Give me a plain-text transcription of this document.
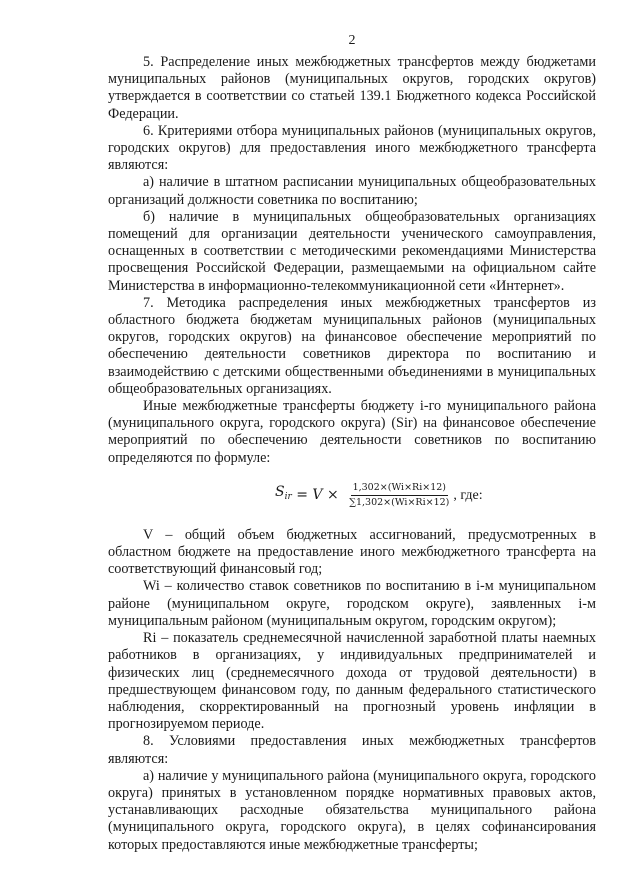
2

5. Распределение иных межбюджетных трансфертов между бюджетами муниципальных районов (муниципальных округов, городских округов) утверждается в соответствии со статьей 139.1 Бюджетного кодекса Российской Федерации.

6. Критериями отбора муниципальных районов (муниципальных округов, городских округов) для предоставления иного межбюджетного трансферта являются:

а) наличие в штатном расписании муниципальных общеобразовательных организаций должности советника по воспитанию;

б) наличие в муниципальных общеобразовательных организациях помещений для организации деятельности ученического самоуправления, оснащенных в соответствии с методическими рекомендациями Министерства просвещения Российской Федерации, размещаемыми на официальном сайте Министерства в информационно-телекоммуникационной сети «Интернет».

7. Методика распределения иных межбюджетных трансфертов из областного бюджета бюджетам муниципальных районов (муниципальных округов, городских округов) на финансовое обеспечение мероприятий по обеспечению деятельности советников директора по воспитанию и взаимодействию с детскими общественными объединениями в муниципальных общеобразовательных организациях.

Иные межбюджетные трансферты бюджету i-го муниципального района (муниципального округа, городского округа) (Sir) на финансовое обеспечение мероприятий по обеспечению деятельности советников по воспитанию определяются по формуле:

$S_{ir} = V \times \frac{1,302\times(Wi\times Ri\times 12)}{\sum 1,302\times(Wi\times Ri\times 12)}$ , где:

V – общий объем бюджетных ассигнований, предусмотренных в областном бюджете на предоставление иного межбюджетного трансферта на соответствующий финансовый год;

Wi – количество ставок советников по воспитанию в i-м муниципальном районе (муниципальном округе, городском округе), заявленных i-м муниципальным районом (муниципальным округом, городским округом);

Ri – показатель среднемесячной начисленной заработной платы наемных работников в организациях, у индивидуальных предпринимателей и физических лиц (среднемесячного дохода от трудовой деятельности) в предшествующем финансовом году, по данным федерального статистического наблюдения, скорректированный на прогнозный уровень инфляции в прогнозируемом периоде.

8. Условиями предоставления иных межбюджетных трансфертов являются:

а) наличие у муниципального района (муниципального округа, городского округа) принятых в установленном порядке нормативных правовых актов, устанавливающих расходные обязательства муниципального района (муниципального округа, городского округа), в целях софинансирования которых предоставляются иные межбюджетные трансферты;
